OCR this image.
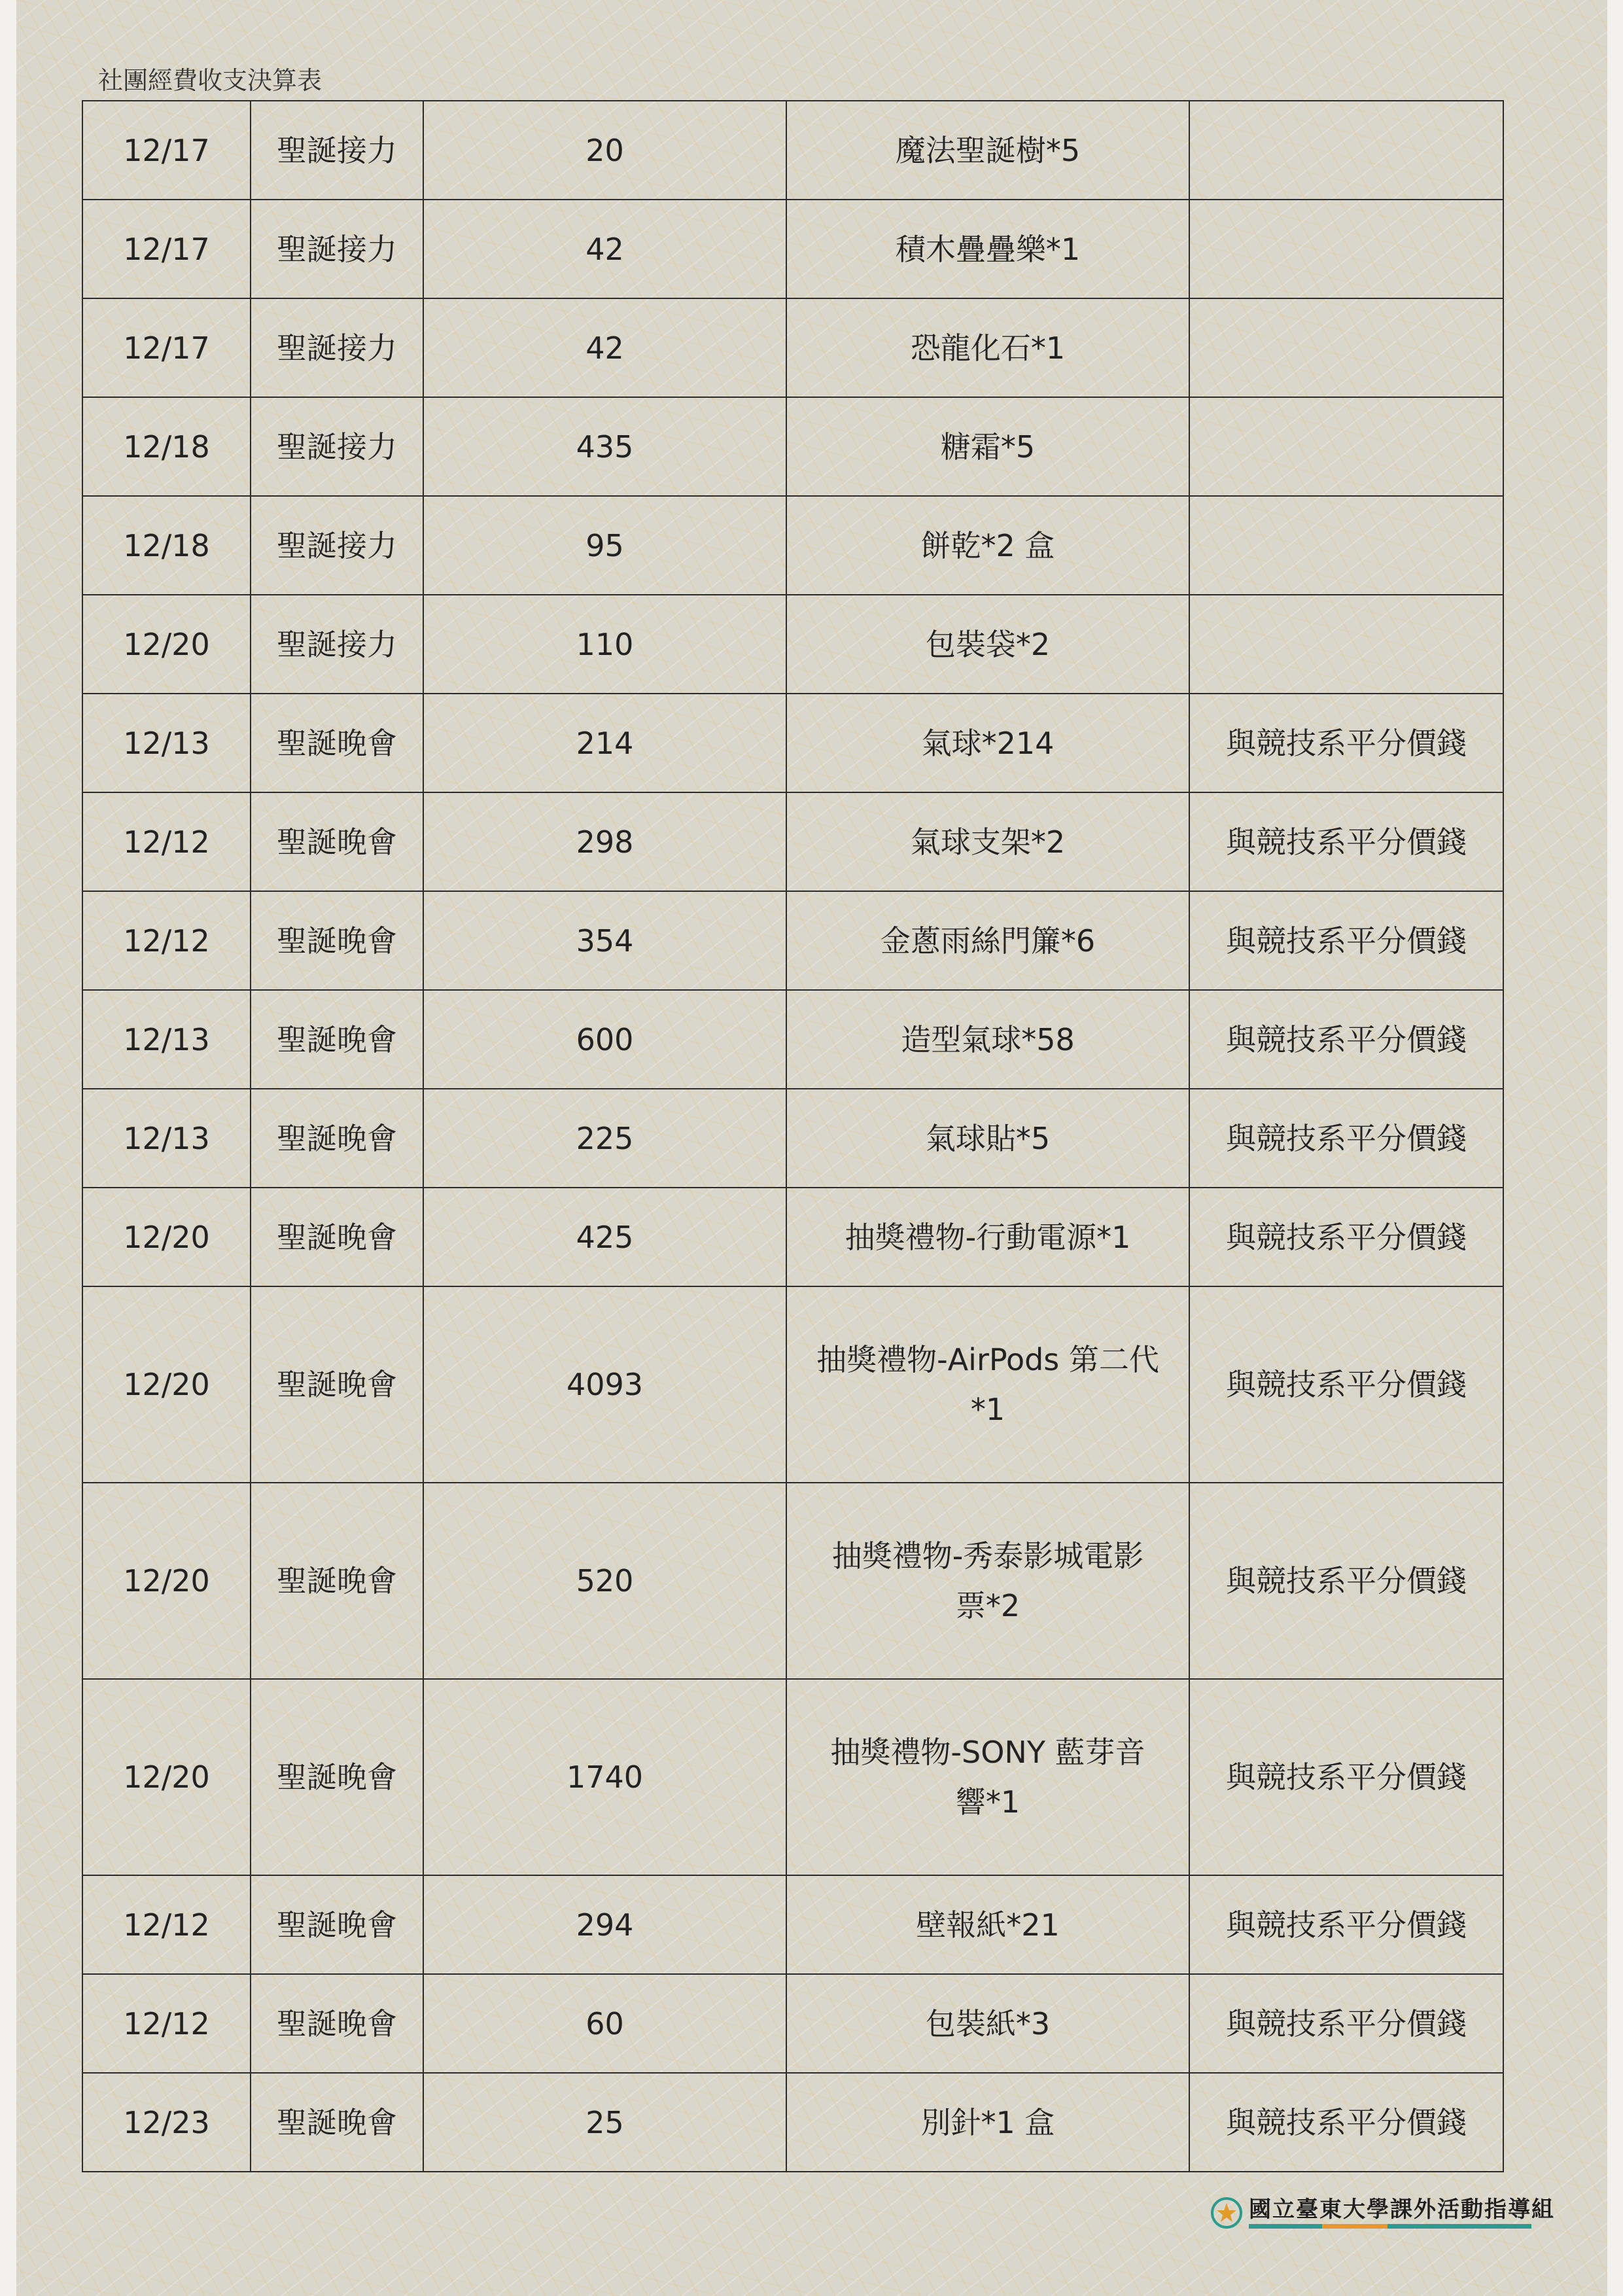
社團經費收支決算表
12/17	聖誕接力	20	魔法聖誕樹*5	

12/17	聖誕接力	42	積木疊疊樂*1	

12/17	聖誕接力	42	恐龍化石*1	

12/18	聖誕接力	435	糖霜*5	

12/18	聖誕接力	95	餅乾*2 盒	

12/20	聖誕接力	110	包裝袋*2	

12/13	聖誕晚會	214	氣球*214	與競技系平分價錢
12/12	聖誕晚會	298	氣球支架*2	與競技系平分價錢
12/12	聖誕晚會	354	金蔥雨絲門簾*6	與競技系平分價錢
12/13	聖誕晚會	600	造型氣球*58	與競技系平分價錢
12/13	聖誕晚會	225	氣球貼*5	與競技系平分價錢
12/20	聖誕晚會	425	抽獎禮物-行動電源*1	與競技系平分價錢
12/20	聖誕晚會	4093	抽獎禮物-AirPods 第二代
*1	與競技系平分價錢
12/20	聖誕晚會	520	抽獎禮物-秀泰影城電影
票*2	與競技系平分價錢
12/20	聖誕晚會	1740	抽獎禮物-SONY 藍芽音
響*1	與競技系平分價錢
12/12	聖誕晚會	294	壁報紙*21	與競技系平分價錢
12/12	聖誕晚會	60	包裝紙*3	與競技系平分價錢
12/23	聖誕晚會	25	別針*1 盒	與競技系平分價錢
國立臺東大學課外活動指導組
